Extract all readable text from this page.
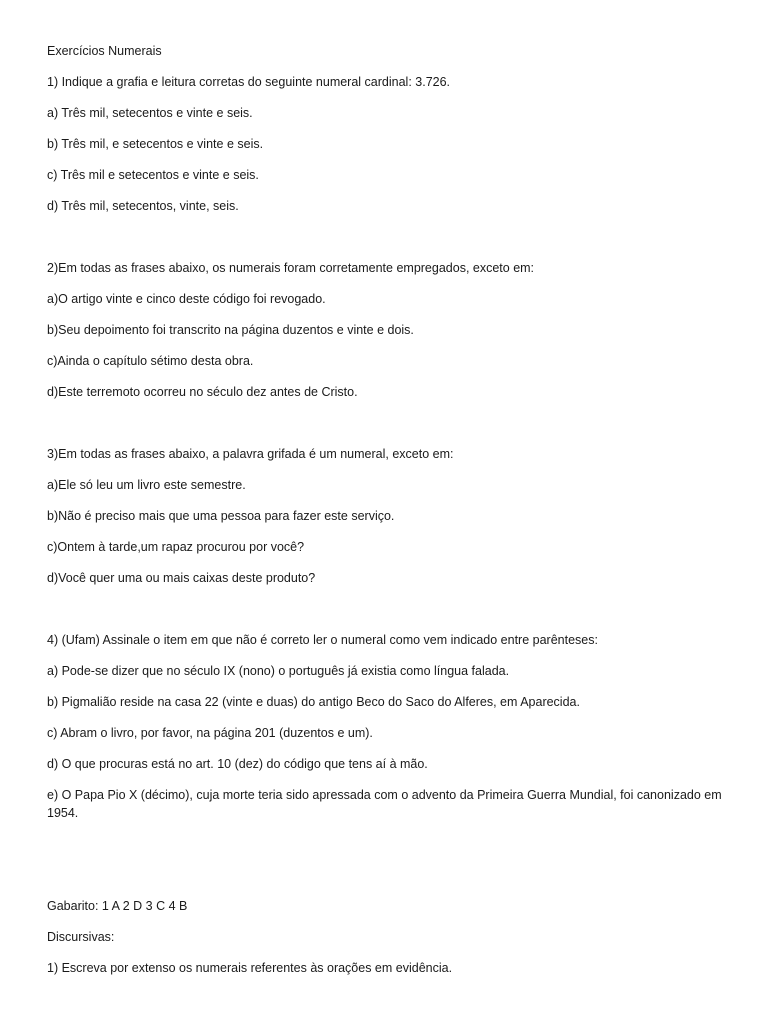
Exercícios Numerais
1) Indique a grafia e leitura corretas do seguinte numeral cardinal: 3.726.
a) Três mil, setecentos e vinte e seis.
b) Três mil, e setecentos e vinte e seis.
c) Três mil e setecentos e vinte e seis.
d) Três mil, setecentos, vinte, seis.
2)Em todas as frases abaixo, os numerais foram corretamente empregados, exceto em:
a)O artigo vinte e cinco deste código foi revogado.
b)Seu depoimento foi transcrito na página duzentos e vinte e dois.
c)Ainda o capítulo sétimo desta obra.
d)Este terremoto ocorreu no século dez antes de Cristo.
3)Em todas as frases abaixo, a palavra grifada é um numeral, exceto em:
a)Ele só leu um livro este semestre.
b)Não é preciso mais que uma pessoa para fazer este serviço.
c)Ontem à tarde,um rapaz procurou por você?
d)Você quer uma ou mais caixas deste produto?
4) (Ufam) Assinale o item em que não é correto ler o numeral como vem indicado entre parênteses:
a) Pode-se dizer que no século IX (nono) o português já existia como língua falada.
b) Pigmalião reside na casa 22 (vinte e duas) do antigo Beco do Saco do Alferes, em Aparecida.
c) Abram o livro, por favor, na página 201 (duzentos e um).
d) O que procuras está no art. 10 (dez) do código que tens aí à mão.
e) O Papa Pio X (décimo), cuja morte teria sido apressada com o advento da Primeira Guerra Mundial, foi canonizado em 1954.
Gabarito: 1 A 2 D 3 C 4 B
Discursivas:
1) Escreva por extenso os numerais referentes às orações em evidência.
